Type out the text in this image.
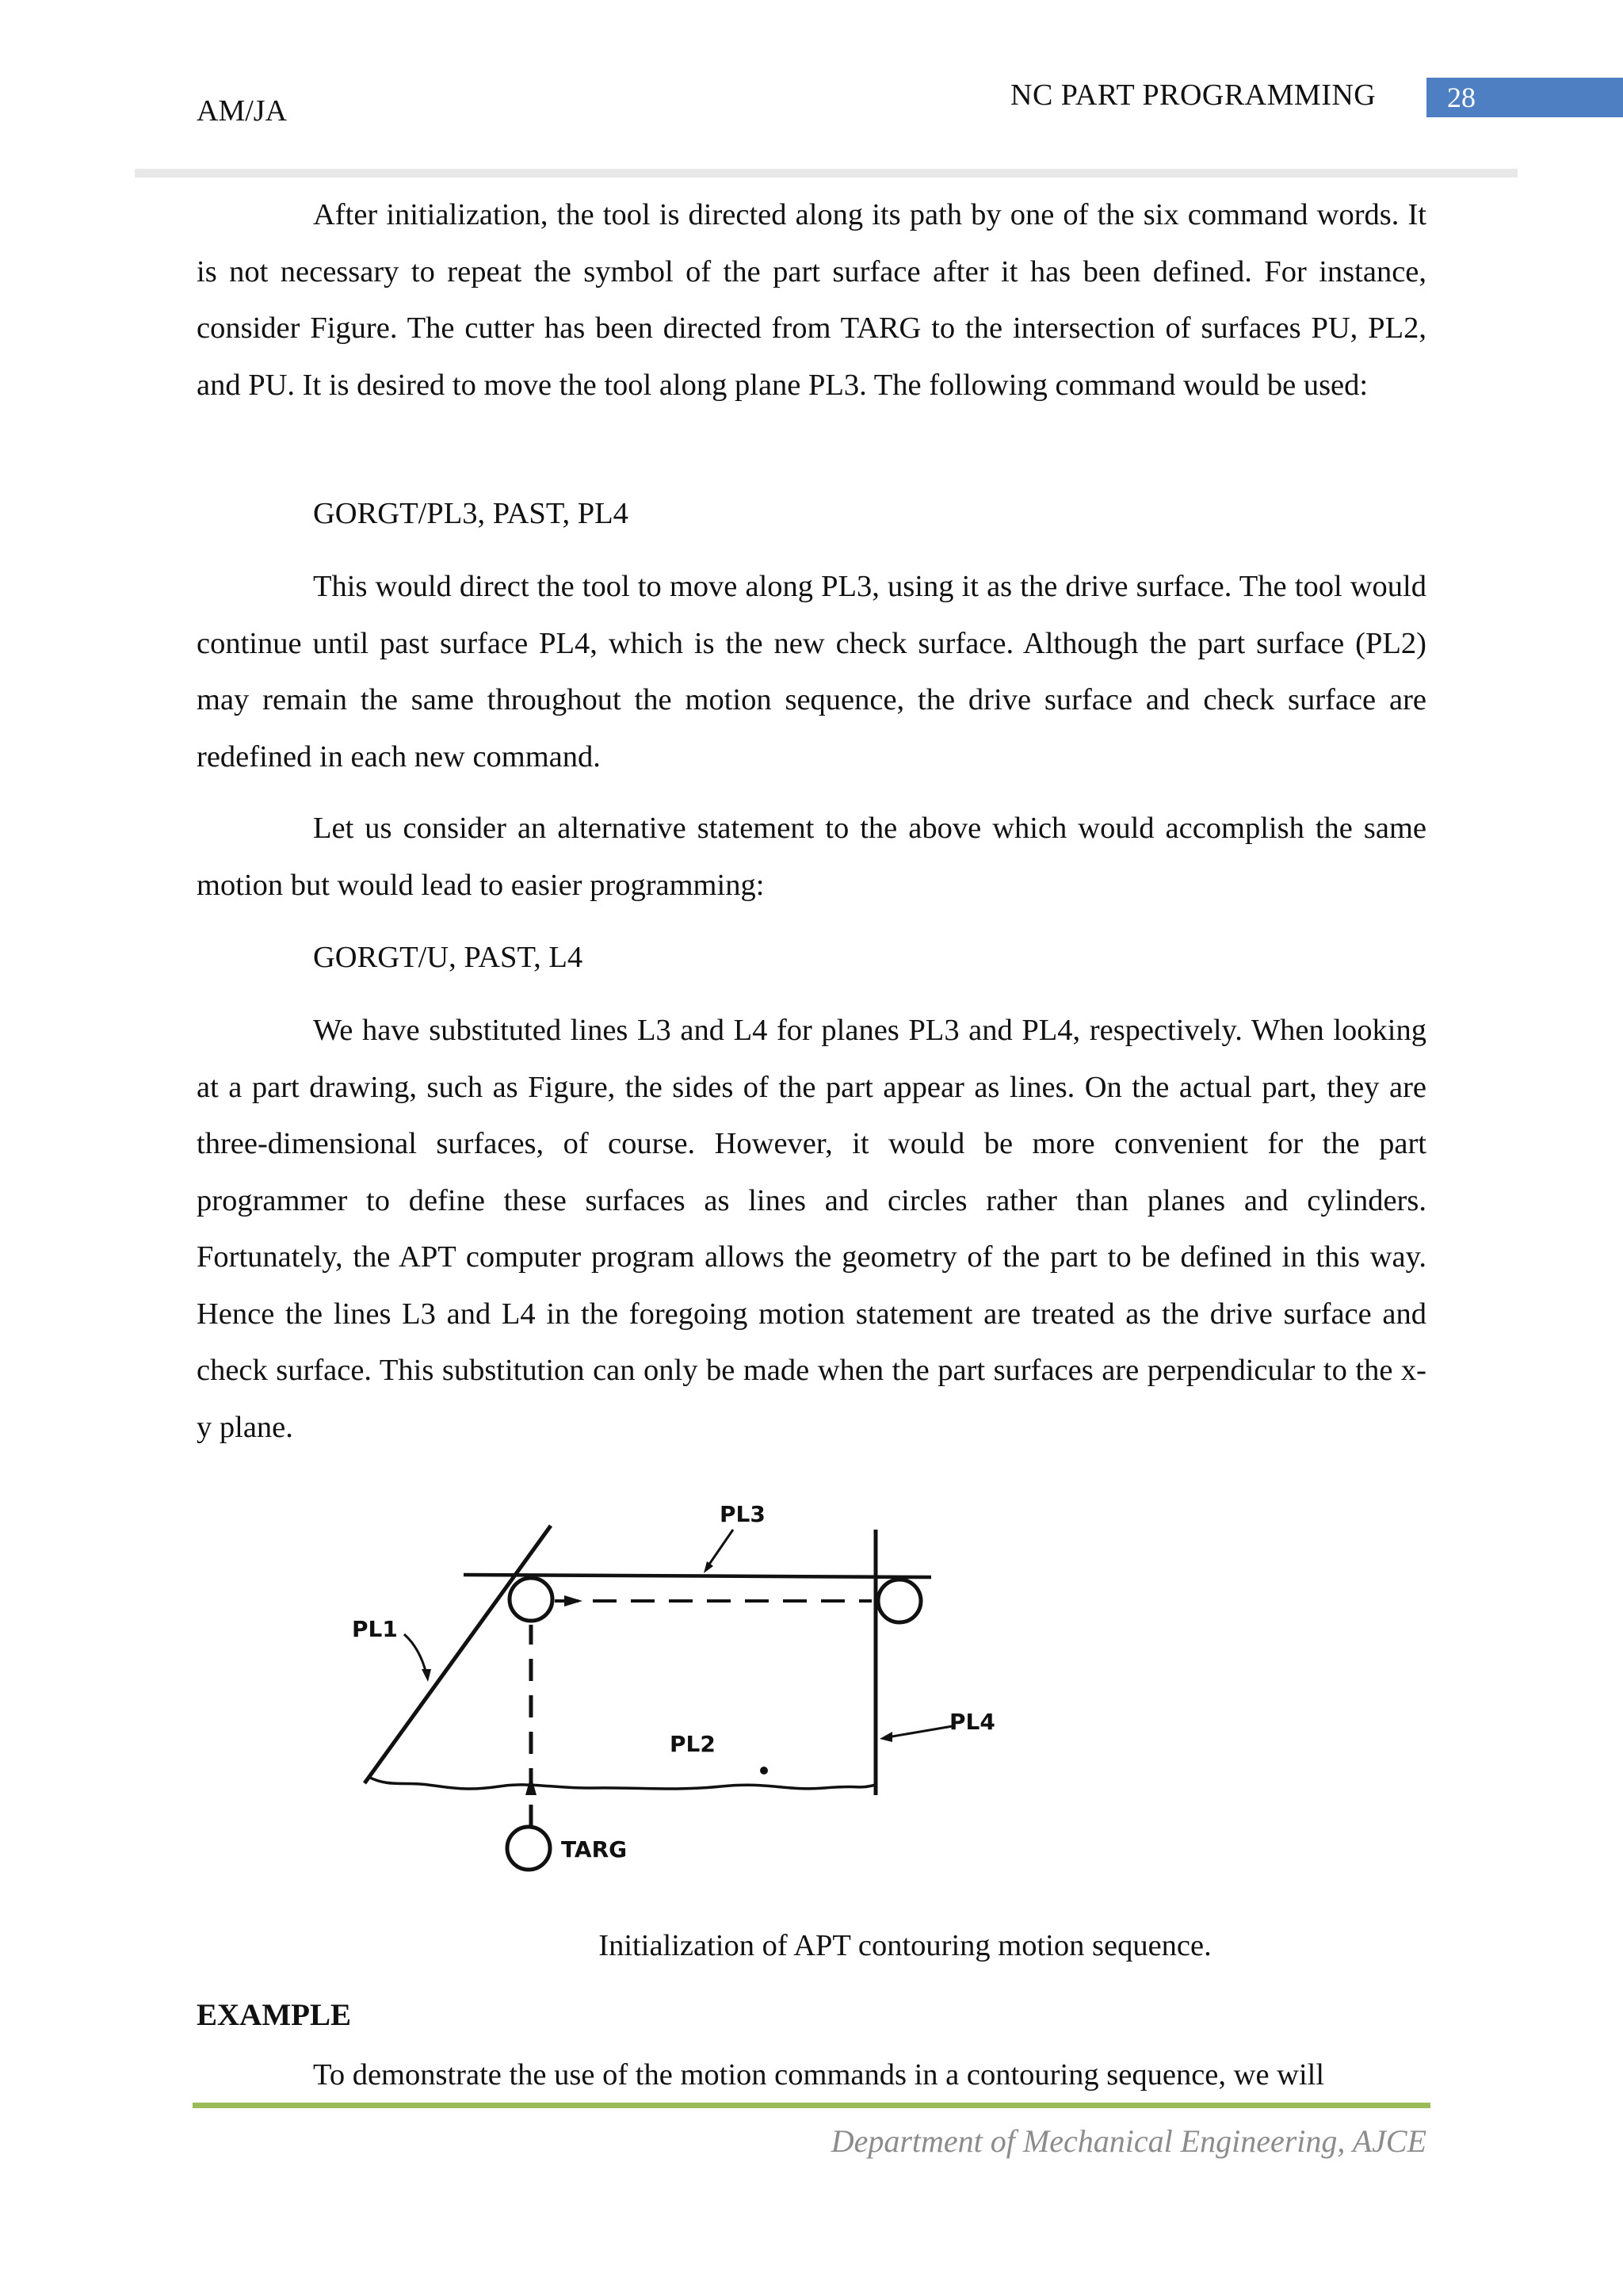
AM/JA	NC PART PROGRAMMING	28
After initialization, the tool is directed along its path by one of the six command words. It is not necessary to repeat the symbol of the part surface after it has been defined. For instance, consider Figure. The cutter has been directed from TARG to the intersection of surfaces PU, PL2, and PU. It is desired to move the tool along plane PL3. The following command would be used:
GORGT/PL3, PAST, PL4
This would direct the tool to move along PL3, using it as the drive surface. The tool would continue until past surface PL4, which is the new check surface. Although the part surface (PL2) may remain the same throughout the motion sequence, the drive surface and check surface are redefined in each new command.
Let us consider an alternative statement to the above which would accomplish the same motion but would lead to easier programming:
GORGT/U, PAST, L4
We have substituted lines L3 and L4 for planes PL3 and PL4, respectively. When looking at a part drawing, such as Figure, the sides of the part appear as lines. On the actual part, they are three-dimensional surfaces, of course. However, it would be more convenient for the part programmer to define these surfaces as lines and circles rather than planes and cylinders. Fortunately, the APT computer program allows the geometry of the part to be defined in this way. Hence the lines L3 and L4 in the foregoing motion statement are treated as the drive surface and check surface. This substitution can only be made when the part surfaces are perpendicular to the x-y plane.
PL3
PL1
PL4
PL2
TARG
Initialization of APT contouring motion sequence.
EXAMPLE
To demonstrate the use of the motion commands in a contouring sequence, we will
Department of Mechanical Engineering, AJCE
